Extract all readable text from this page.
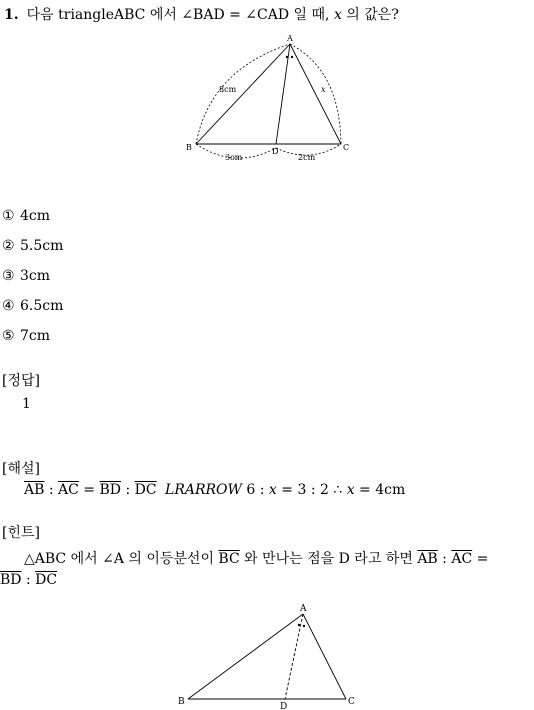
1. 다음 triangleABC 에서 ∠BAD = ∠CAD 일 때, x 의 값은?
A
B	C
D
8cm	x
3cm	2cm
① 4cm
② 5.5cm
③ 3cm
④ 6.5cm
⑤ 7cm
[정답]
1
[해설]
$\overline{AB}$ : $\overline{AC} = \overline{BD}$ : $\overline{DC}$ LRARROW 6 : x = 3 : 2 ∴ x = 4cm
[힌트]
△ABC 에서 ∠A 의 이등분선이 $\overline{BC}$ 와 만나는 점을 D 라고 하면 $\overline{AB}$ : $\overline{AC}$ =
$\overline{BD}$ : $\overline{DC}$
A
B	C
D
